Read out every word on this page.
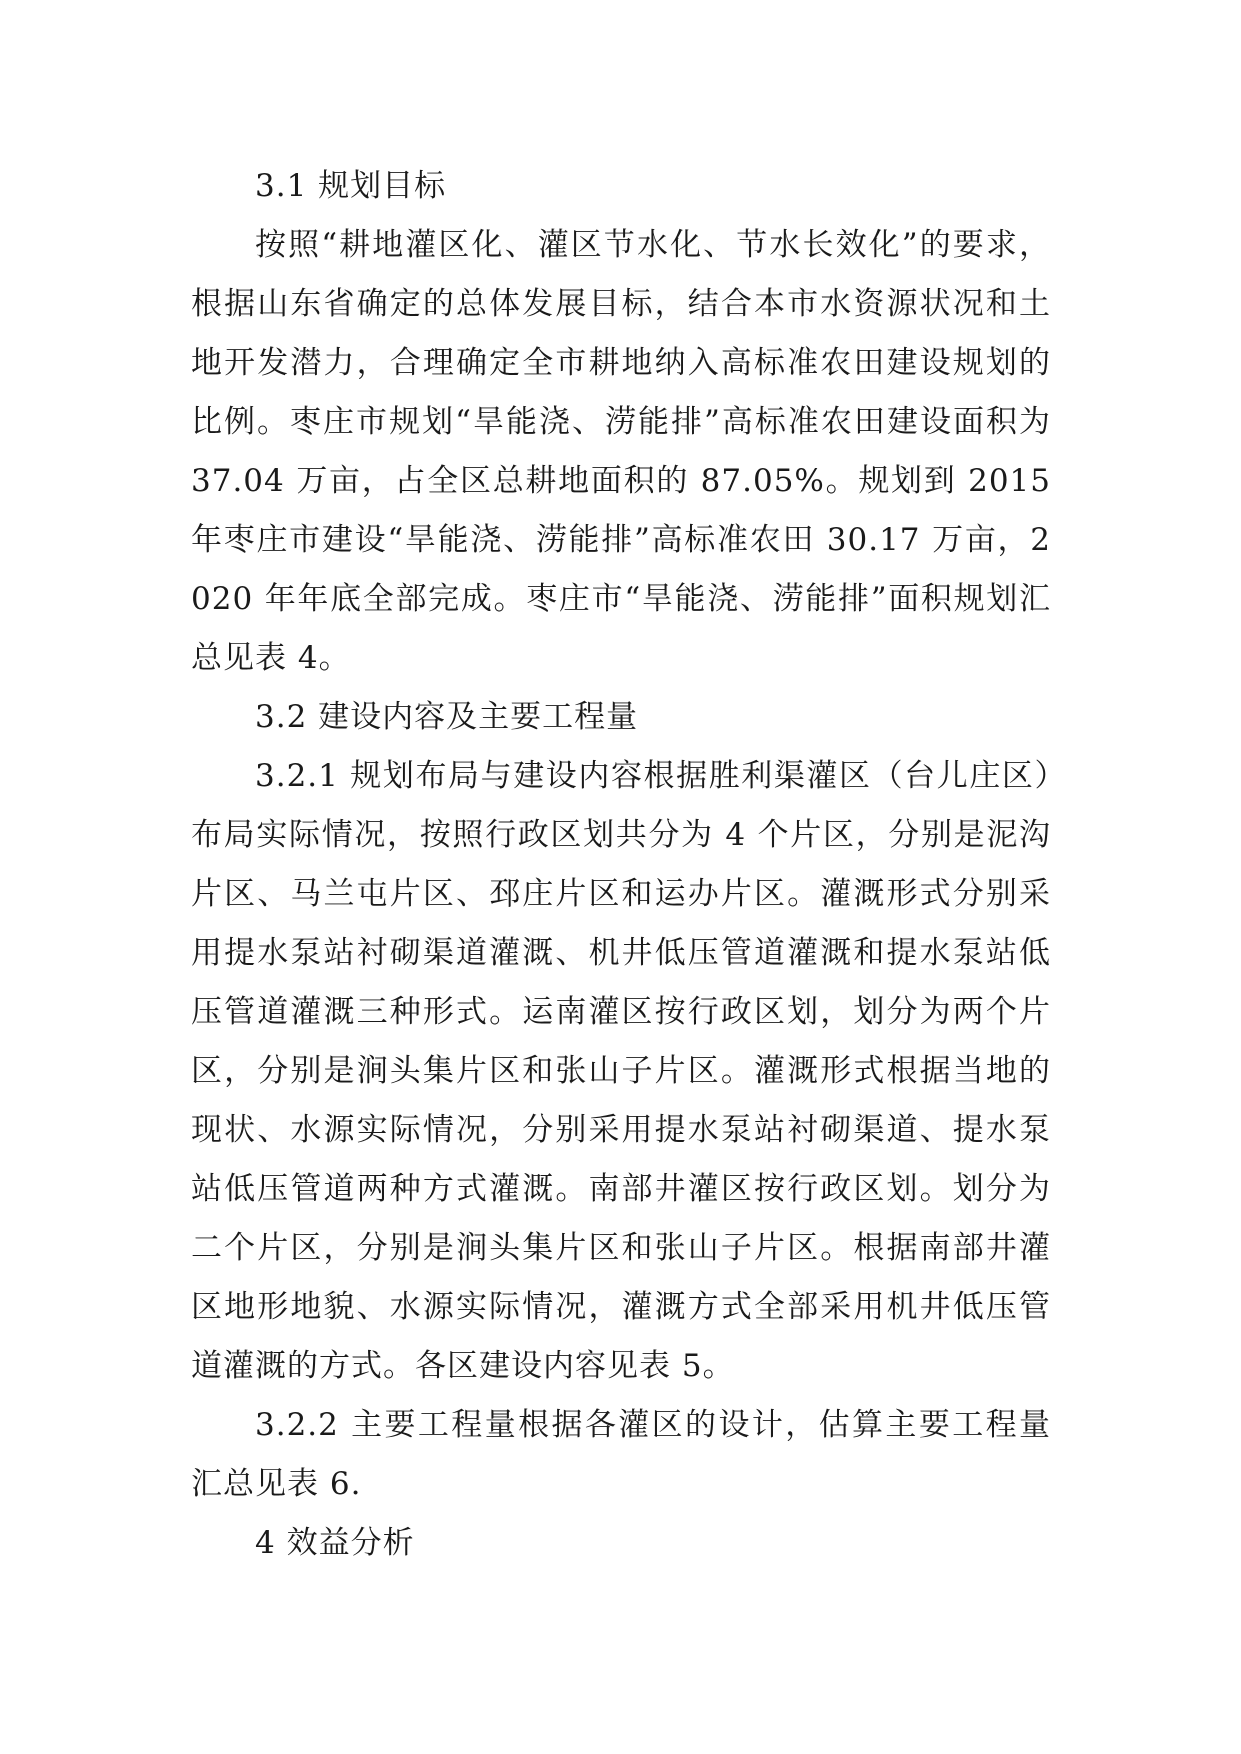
3.1 规划目标

按照“耕地灌区化、灌区节水化、节水长效化”的要求，根据山东省确定的总体发展目标，结合本市水资源状况和土地开发潜力，合理确定全市耕地纳入高标准农田建设规划的比例。枣庄市规划“旱能浇、涝能排”高标准农田建设面积为 37.04 万亩，占全区总耕地面积的 87.05%。规划到 2015 年枣庄市建设“旱能浇、涝能排”高标准农田 30.17 万亩，2020 年年底全部完成。枣庄市“旱能浇、涝能排”面积规划汇总见表 4。

3.2 建设内容及主要工程量

3.2.1 规划布局与建设内容根据胜利渠灌区（台儿庄区）布局实际情况，按照行政区划共分为 4 个片区，分别是泥沟片区、马兰屯片区、邳庄片区和运办片区。灌溉形式分别采用提水泵站衬砌渠道灌溉、机井低压管道灌溉和提水泵站低压管道灌溉三种形式。运南灌区按行政区划，划分为两个片区，分别是涧头集片区和张山子片区。灌溉形式根据当地的现状、水源实际情况，分别采用提水泵站衬砌渠道、提水泵站低压管道两种方式灌溉。南部井灌区按行政区划。划分为二个片区，分别是涧头集片区和张山子片区。根据南部井灌区地形地貌、水源实际情况，灌溉方式全部采用机井低压管道灌溉的方式。各区建设内容见表 5。

3.2.2 主要工程量根据各灌区的设计，估算主要工程量汇总见表 6.

4 效益分析
